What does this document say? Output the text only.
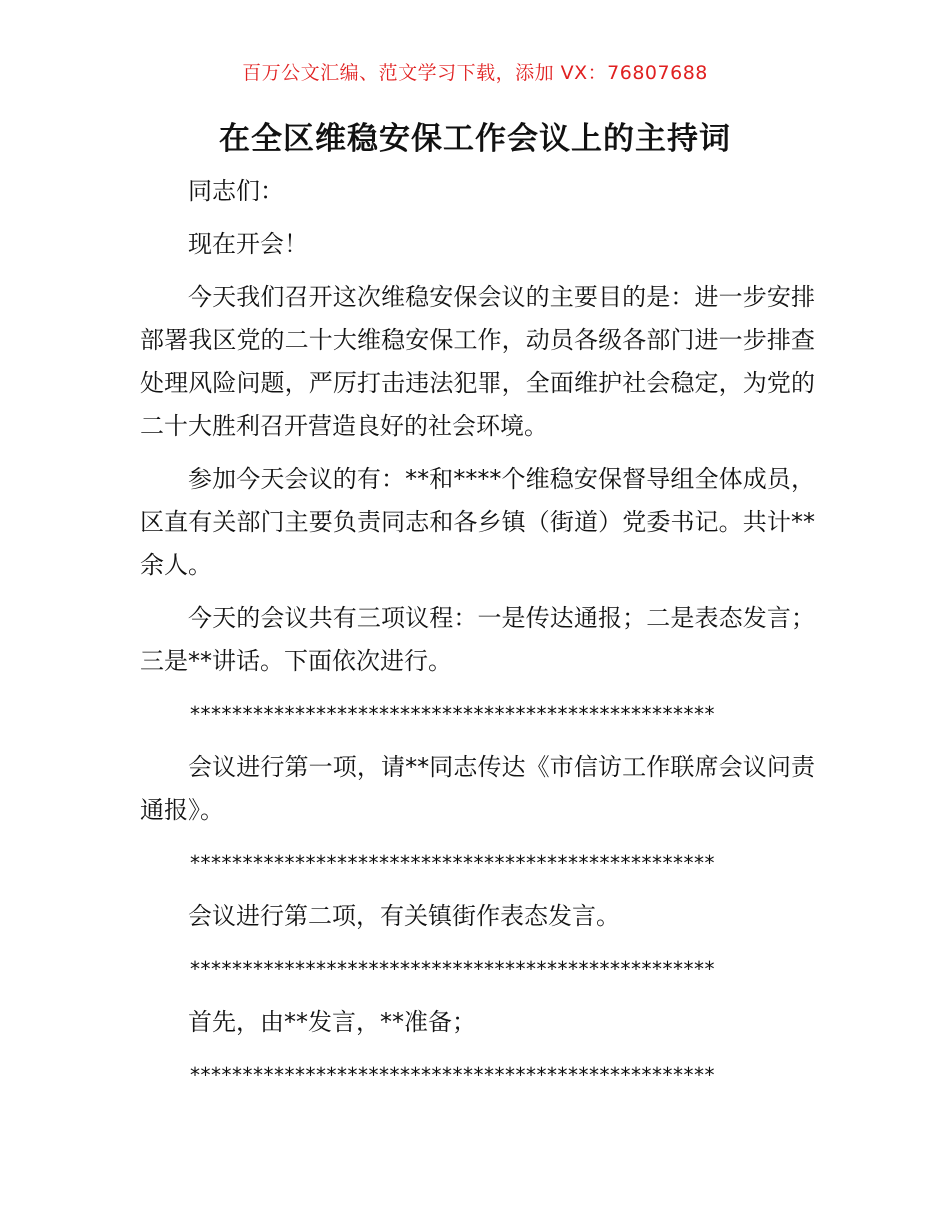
百万公文汇编、范文学习下载，添加 VX：76807688
在全区维稳安保工作会议上的主持词

同志们：

现在开会！

今天我们召开这次维稳安保会议的主要目的是：进一步安排部署我区党的二十大维稳安保工作，动员各级各部门进一步排查处理风险问题，严厉打击违法犯罪，全面维护社会稳定，为党的二十大胜利召开营造良好的社会环境。

参加今天会议的有：**和****个维稳安保督导组全体成员，区直有关部门主要负责同志和各乡镇（街道）党委书记。共计**余人。

今天的会议共有三项议程：一是传达通报；二是表态发言；三是**讲话。下面依次进行。

**************************************************

会议进行第一项，请**同志传达《市信访工作联席会议问责通报》。

**************************************************

会议进行第二项，有关镇街作表态发言。

**************************************************

首先，由**发言，**准备；

**************************************************
